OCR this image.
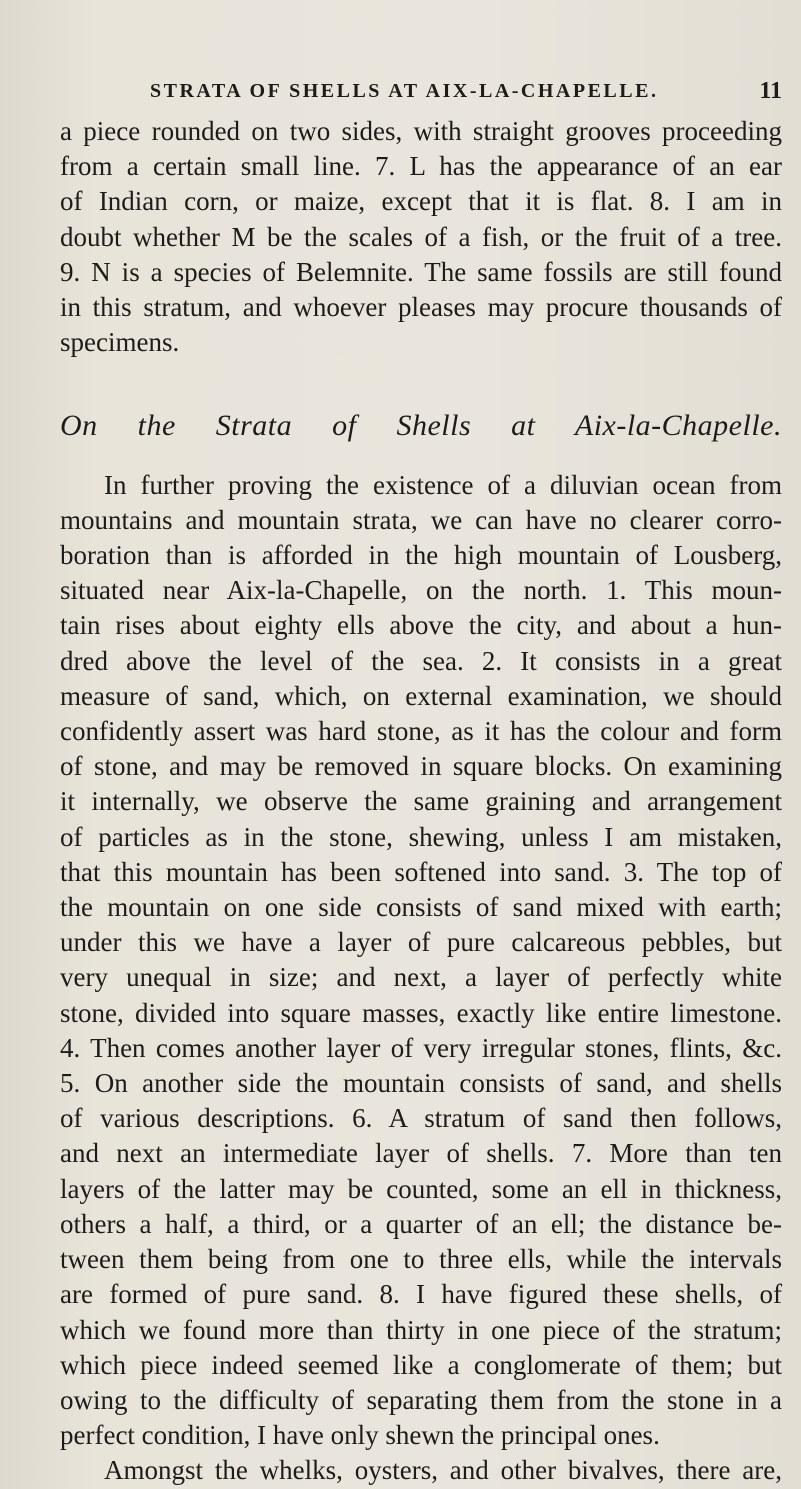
STRATA OF SHELLS AT AIX-LA-CHAPELLE.	11

a piece rounded on two sides, with straight grooves proceeding
from a certain small line. 7. L has the appearance of an ear
of Indian corn, or maize, except that it is flat. 8. I am in
doubt whether M be the scales of a fish, or the fruit of a tree.
9. N is a species of Belemnite. The same fossils are still found
in this stratum, and whoever pleases may procure thousands of
specimens.

On the Strata of Shells at Aix-la-Chapelle.

In further proving the existence of a diluvian ocean from
mountains and mountain strata, we can have no clearer corro-
boration than is afforded in the high mountain of Lousberg,
situated near Aix-la-Chapelle, on the north. 1. This moun-
tain rises about eighty ells above the city, and about a hun-
dred above the level of the sea. 2. It consists in a great
measure of sand, which, on external examination, we should
confidently assert was hard stone, as it has the colour and form
of stone, and may be removed in square blocks. On examining
it internally, we observe the same graining and arrangement
of particles as in the stone, shewing, unless I am mistaken,
that this mountain has been softened into sand. 3. The top of
the mountain on one side consists of sand mixed with earth;
under this we have a layer of pure calcareous pebbles, but
very unequal in size; and next, a layer of perfectly white
stone, divided into square masses, exactly like entire limestone.
4. Then comes another layer of very irregular stones, flints, &c.
5. On another side the mountain consists of sand, and shells
of various descriptions. 6. A stratum of sand then follows,
and next an intermediate layer of shells. 7. More than ten
layers of the latter may be counted, some an ell in thickness,
others a half, a third, or a quarter of an ell; the distance be-
tween them being from one to three ells, while the intervals
are formed of pure sand. 8. I have figured these shells, of
which we found more than thirty in one piece of the stratum;
which piece indeed seemed like a conglomerate of them; but
owing to the difficulty of separating them from the stone in a
perfect condition, I have only shewn the principal ones.

Amongst the whelks, oysters, and other bivalves, there are,
